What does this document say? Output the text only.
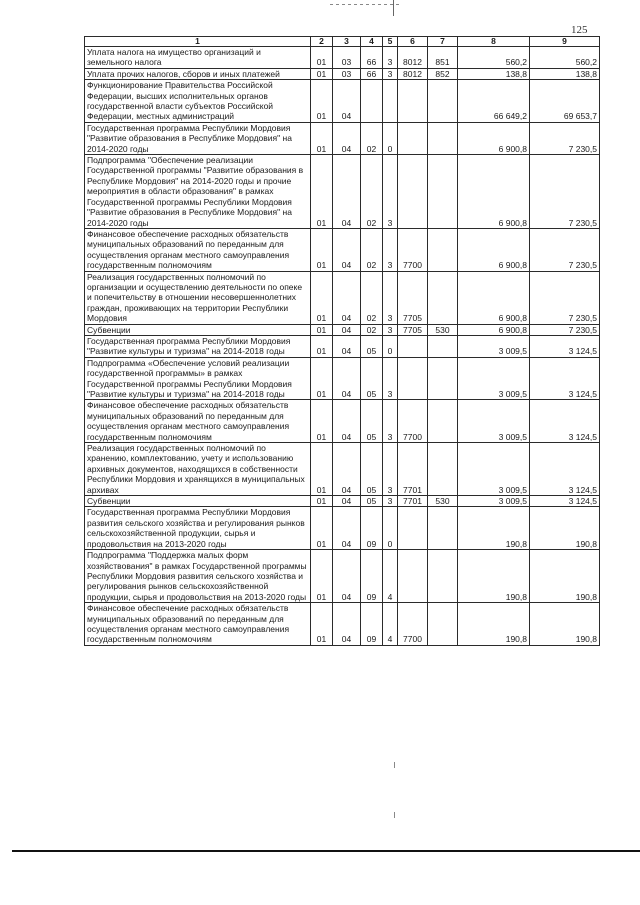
125
1	2	3	4	5	6	7	8	9
Уплата налога на имущество организаций и земельного налога	01	03	66	3	8012	851	560,2	560,2
Уплата прочих налогов, сборов и иных платежей	01	03	66	3	8012	852	138,8	138,8
Функционирование Правительства Российской Федерации, высших исполнительных органов государственной власти субъектов Российской Федерации, местных администраций	01	04					66 649,2	69 653,7
Государственная программа Республики Мордовия "Развитие образования в Республике Мордовия" на 2014-2020 годы	01	04	02	0			6 900,8	7 230,5
Подпрограмма "Обеспечение реализации Государственной программы "Развитие образования в Республике Мордовия" на 2014-2020 годы и прочие мероприятия в области образования" в рамках Государственной программы Республики Мордовия "Развитие образования в Республике Мордовия" на 2014-2020 годы	01	04	02	3			6 900,8	7 230,5
Финансовое обеспечение расходных обязательств муниципальных образований по переданным для осуществления органам местного самоуправления государственным полномочиям	01	04	02	3	7700		6 900,8	7 230,5
Реализация государственных полномочий по организации и осуществлению деятельности по опеке и попечительству в отношении несовершеннолетних граждан, проживающих на территории Республики Мордовия	01	04	02	3	7705		6 900,8	7 230,5
Субвенции	01	04	02	3	7705	530	6 900,8	7 230,5
Государственная программа Республики Мордовия "Развитие культуры и туризма" на 2014-2018 годы	01	04	05	0			3 009,5	3 124,5
Подпрограмма «Обеспечение условий реализации государственной программы» в рамках Государственной программы Республики Мордовия "Развитие культуры и туризма" на 2014-2018 годы	01	04	05	3			3 009,5	3 124,5
Финансовое обеспечение расходных обязательств муниципальных образований по переданным для осуществления органам местного самоуправления государственным полномочиям	01	04	05	3	7700		3 009,5	3 124,5
Реализация государственных полномочий по хранению, комплектованию, учету и использованию архивных документов, находящихся в собственности Республики Мордовия и хранящихся в муниципальных архивах	01	04	05	3	7701		3 009,5	3 124,5
Субвенции	01	04	05	3	7701	530	3 009,5	3 124,5
Государственная программа Республики Мордовия развития сельского хозяйства и регулирования рынков сельскохозяйственной продукции, сырья и продовольствия на 2013-2020 годы	01	04	09	0			190,8	190,8
Подпрограмма "Поддержка малых форм хозяйствования" в рамках Государственной программы Республики Мордовия развития сельского хозяйства и регулирования рынков сельскохозяйственной продукции, сырья и продовольствия на 2013-2020 годы	01	04	09	4			190,8	190,8
Финансовое обеспечение расходных обязательств муниципальных образований по переданным для осуществления органам местного самоуправления государственным полномочиям	01	04	09	4	7700		190,8	190,8
